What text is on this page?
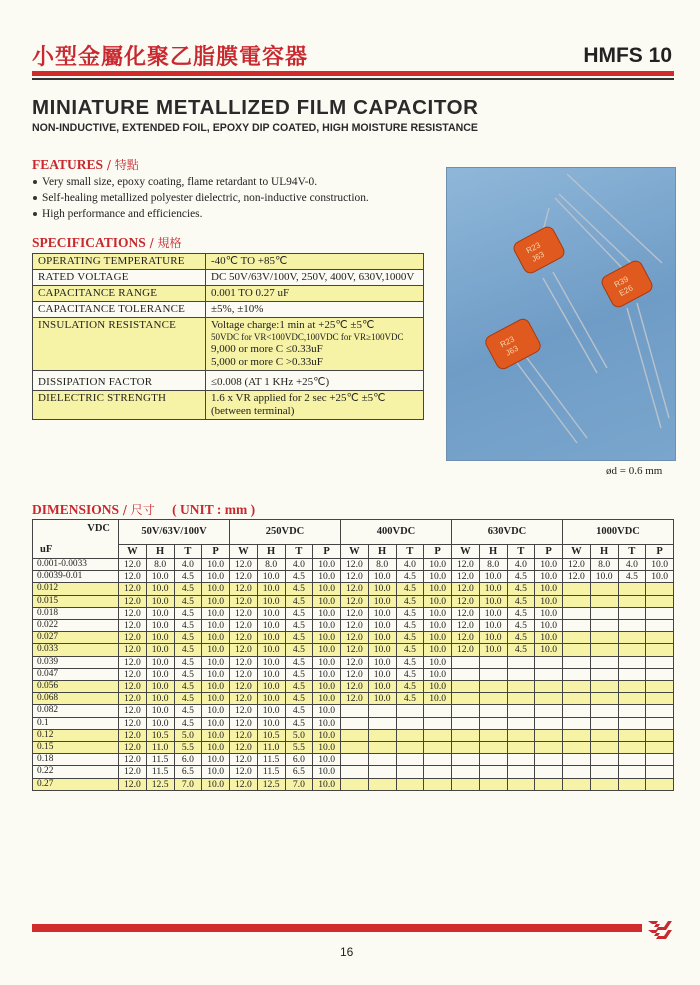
小型金屬化聚乙脂膜電容器	HMFS 10
MINIATURE METALLIZED FILM CAPACITOR
NON-INDUCTIVE, EXTENDED FOIL, EPOXY DIP COATED, HIGH MOISTURE RESISTANCE
FEATURES / 特點
Very small size, epoxy coating, flame retardant to UL94V-0.
Self-healing metallized polyester dielectric, non-inductive construction.
High performance and efficiencies.
SPECIFICATIONS / 規格
OPERATING TEMPERATURE	-40℃ TO +85℃
RATED VOLTAGE	DC 50V/63V/100V, 250V, 400V, 630V,1000V
CAPACITANCE RANGE	0.001 TO 0.27 uF
CAPACITANCE TOLERANCE	±5%, ±10%
INSULATION RESISTANCE	Voltage charge:1 min at +25℃ ±5℃
50VDC for VR<100VDC,100VDC for VR≥100VDC
9,000 or more C ≤0.33uF
5,000 or more C >0.33uF

DISSIPATION FACTOR	≤0.008 (AT 1 KHz +25℃)
DIELECTRIC STRENGTH	1.6 x VR applied for 2 sec +25℃ ±5℃
(between terminal)
R23
J63
R23
J63
R39
E26
ød = 0.6 mm
DIMENSIONS / 尺寸 ( UNIT : mm )
VDC
uF	50V/63V/100V				250VDC				400VDC				630VDC				1000VDC			
	W	H	T	P	W	H	T	P	W	H	T	P	W	H	T	P	W	H	T	P
0.001-0.0033	12.0	8.0	4.0	10.0	12.0	8.0	4.0	10.0	12.0	8.0	4.0	10.0	12.0	8.0	4.0	10.0	12.0	8.0	4.0	10.0
0.0039-0.01	12.0	10.0	4.5	10.0	12.0	10.0	4.5	10.0	12.0	10.0	4.5	10.0	12.0	10.0	4.5	10.0	12.0	10.0	4.5	10.0
0.012	12.0	10.0	4.5	10.0	12.0	10.0	4.5	10.0	12.0	10.0	4.5	10.0	12.0	10.0	4.5	10.0				
0.015	12.0	10.0	4.5	10.0	12.0	10.0	4.5	10.0	12.0	10.0	4.5	10.0	12.0	10.0	4.5	10.0				
0.018	12.0	10.0	4.5	10.0	12.0	10.0	4.5	10.0	12.0	10.0	4.5	10.0	12.0	10.0	4.5	10.0				
0.022	12.0	10.0	4.5	10.0	12.0	10.0	4.5	10.0	12.0	10.0	4.5	10.0	12.0	10.0	4.5	10.0				
0.027	12.0	10.0	4.5	10.0	12.0	10.0	4.5	10.0	12.0	10.0	4.5	10.0	12.0	10.0	4.5	10.0				
0.033	12.0	10.0	4.5	10.0	12.0	10.0	4.5	10.0	12.0	10.0	4.5	10.0	12.0	10.0	4.5	10.0				
0.039	12.0	10.0	4.5	10.0	12.0	10.0	4.5	10.0	12.0	10.0	4.5	10.0								
0.047	12.0	10.0	4.5	10.0	12.0	10.0	4.5	10.0	12.0	10.0	4.5	10.0								
0.056	12.0	10.0	4.5	10.0	12.0	10.0	4.5	10.0	12.0	10.0	4.5	10.0								
0.068	12.0	10.0	4.5	10.0	12.0	10.0	4.5	10.0	12.0	10.0	4.5	10.0								
0.082	12.0	10.0	4.5	10.0	12.0	10.0	4.5	10.0												
0.1	12.0	10.0	4.5	10.0	12.0	10.0	4.5	10.0												
0.12	12.0	10.5	5.0	10.0	12.0	10.5	5.0	10.0												
0.15	12.0	11.0	5.5	10.0	12.0	11.0	5.5	10.0												
0.18	12.0	11.5	6.0	10.0	12.0	11.5	6.0	10.0												
0.22	12.0	11.5	6.5	10.0	12.0	11.5	6.5	10.0												
0.27	12.0	12.5	7.0	10.0	12.0	12.5	7.0	10.0												
16
